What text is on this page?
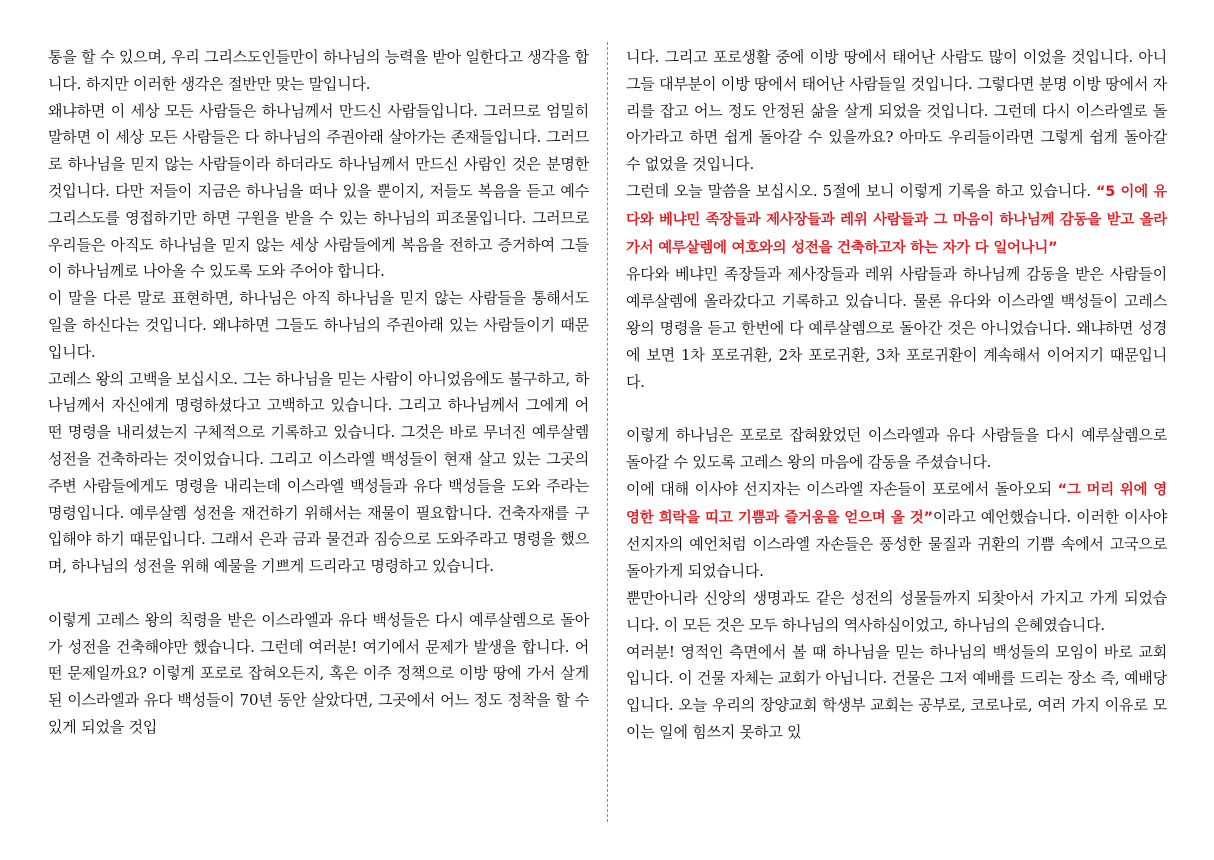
통을 할 수 있으며, 우리 그리스도인들만이 하나님의 능력을 받아 일한다고 생각을 합니다. 하지만 이러한 생각은 절반만 맞는 말입니다.

왜냐하면 이 세상 모든 사람들은 하나님께서 만드신 사람들입니다. 그러므로 엄밀히 말하면 이 세상 모든 사람들은 다 하나님의 주권아래 살아가는 존재들입니다. 그러므로 하나님을 믿지 않는 사람들이라 하더라도 하나님께서 만드신 사람인 것은 분명한 것입니다. 다만 저들이 지금은 하나님을 떠나 있을 뿐이지, 저들도 복음을 듣고 예수 그리스도를 영접하기만 하면 구원을 받을 수 있는 하나님의 피조물입니다. 그러므로 우리들은 아직도 하나님을 믿지 않는 세상 사람들에게 복음을 전하고 증거하여 그들이 하나님께로 나아올 수 있도록 도와 주어야 합니다.

이 말을 다른 말로 표현하면, 하나님은 아직 하나님을 믿지 않는 사람들을 통해서도 일을 하신다는 것입니다. 왜냐하면 그들도 하나님의 주권아래 있는 사람들이기 때문입니다.

고레스 왕의 고백을 보십시오. 그는 하나님을 믿는 사람이 아니었음에도 불구하고, 하나님께서 자신에게 명령하셨다고 고백하고 있습니다. 그리고 하나님께서 그에게 어떤 명령을 내리셨는지 구체적으로 기록하고 있습니다. 그것은 바로 무너진 예루살렘 성전을 건축하라는 것이었습니다. 그리고 이스라엘 백성들이 현재 살고 있는 그곳의 주변 사람들에게도 명령을 내리는데 이스라엘 백성들과 유다 백성들을 도와 주라는 명령입니다. 예루살렘 성전을 재건하기 위해서는 재물이 필요합니다. 건축자재를 구입해야 하기 때문입니다. 그래서 은과 금과 물건과 짐승으로 도와주라고 명령을 했으며, 하나님의 성전을 위해 예물을 기쁘게 드리라고 명령하고 있습니다.

이렇게 고레스 왕의 칙령을 받은 이스라엘과 유다 백성들은 다시 예루살렘으로 돌아가 성전을 건축해야만 했습니다. 그런데 여러분! 여기에서 문제가 발생을 합니다. 어떤 문제일까요? 이렇게 포로로 잡혀오든지, 혹은 이주 정책으로 이방 땅에 가서 살게된 이스라엘과 유다 백성들이 70년 동안 살았다면, 그곳에서 어느 정도 정착을 할 수 있게 되었을 것입

니다. 그리고 포로생활 중에 이방 땅에서 태어난 사람도 많이 이었을 것입니다. 아니 그들 대부분이 이방 땅에서 태어난 사람들일 것입니다. 그렇다면 분명 이방 땅에서 자리를 잡고 어느 정도 안정된 삶을 살게 되었을 것입니다. 그런데 다시 이스라엘로 돌아가라고 하면 쉽게 돌아갈 수 있을까요? 아마도 우리들이라면 그렇게 쉽게 돌아갈 수 없었을 것입니다.

그런데 오늘 말씀을 보십시오. 5절에 보니 이렇게 기록을 하고 있습니다. “5 이에 유다와 베냐민 족장들과 제사장들과 레위 사람들과 그 마음이 하나님께 감동을 받고 올라가서 예루살렘에 여호와의 성전을 건축하고자 하는 자가 다 일어나니”

유다와 베냐민 족장들과 제사장들과 레위 사람들과 하나님께 감동을 받은 사람들이 예루살렘에 올라갔다고 기록하고 있습니다. 물론 유다와 이스라엘 백성들이 고레스 왕의 명령을 듣고 한번에 다 예루살렘으로 돌아간 것은 아니었습니다. 왜냐하면 성경에 보면 1차 포로귀환, 2차 포로귀환, 3차 포로귀환이 계속해서 이어지기 때문입니다.

이렇게 하나님은 포로로 잡혀왔었던 이스라엘과 유다 사람들을 다시 예루살렘으로 돌아갈 수 있도록 고레스 왕의 마음에 감동을 주셨습니다.

이에 대해 이사야 선지자는 이스라엘 자손들이 포로에서 돌아오되 “그 머리 위에 영영한 희락을 띠고 기쁨과 즐거움을 얻으며 올 것”이라고 예언했습니다. 이러한 이사야 선지자의 예언처럼 이스라엘 자손들은 풍성한 물질과 귀환의 기쁨 속에서 고국으로 돌아가게 되었습니다.

뿐만아니라 신앙의 생명과도 같은 성전의 성물들까지 되찾아서 가지고 가게 되었습니다. 이 모든 것은 모두 하나님의 역사하심이었고, 하나님의 은혜였습니다.

여러분! 영적인 측면에서 볼 때 하나님을 믿는 하나님의 백성들의 모임이 바로 교회입니다. 이 건물 자체는 교회가 아닙니다. 건물은 그저 예배를 드리는 장소 즉, 예배당입니다. 오늘 우리의 장양교회 학생부 교회는 공부로, 코로나로, 여러 가지 이유로 모이는 일에 힘쓰지 못하고 있
